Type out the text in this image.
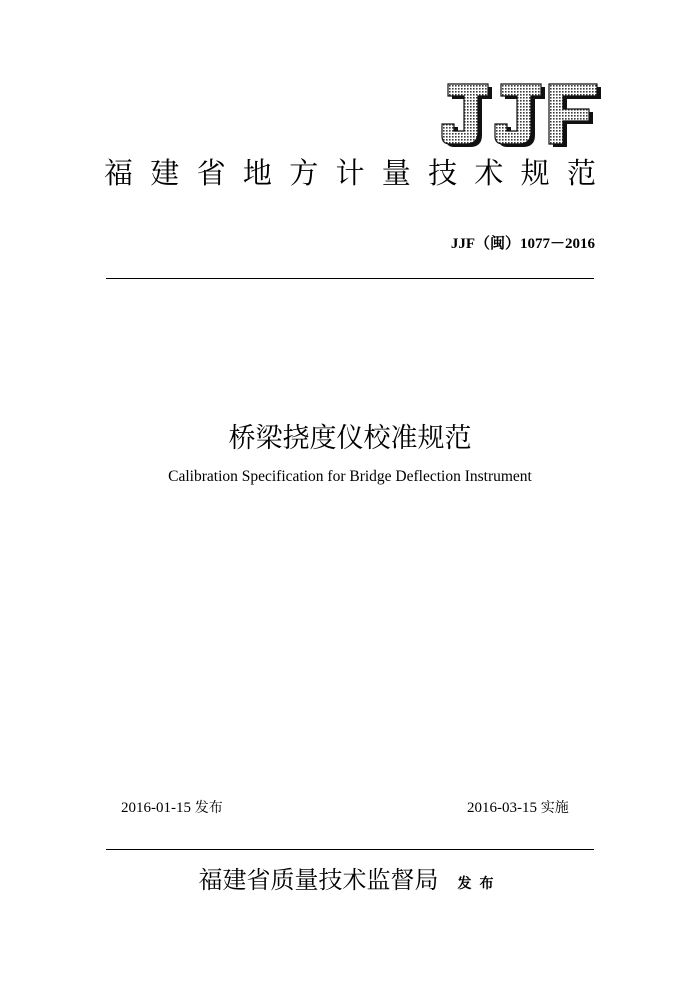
福 建 省 地 方 计 量 技 术 规 范
JJF（闽）1077－2016
桥梁挠度仪校准规范
Calibration Specification for Bridge Deflection Instrument
2016-01-15 发布	2016-03-15 实施
福建省质量技术监督局 发布
